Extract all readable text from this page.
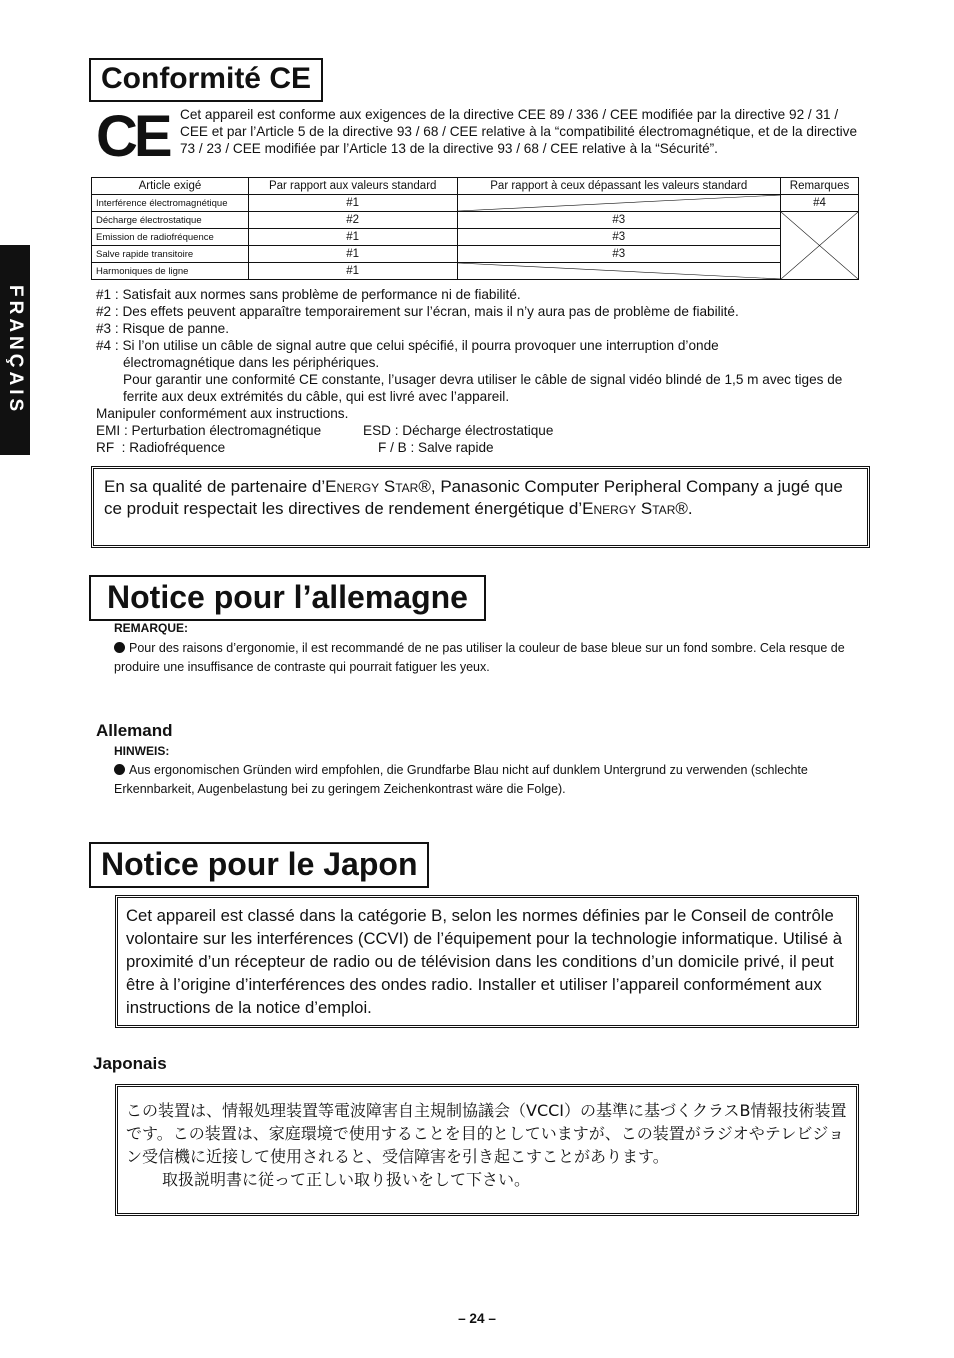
FRANÇAIS
Conformité CE
CE Cet appareil est conforme aux exigences de la directive CEE 89 / 336 / CEE modifiée par la directive 92 / 31 / CEE et par l’Article 5 de la directive 93 / 68 / CEE relative à la “compatibilité électromagnétique, et de la directive 73 / 23 / CEE modifiée par l’Article 13 de la directive 93 / 68 / CEE relative à la “Sécurité”.
Article exigé	Par rapport aux valeurs standard	Par rapport à ceux dépassant les valeurs standard	Remarques
Interférence électromagnétique	#1		#4
Décharge électrostatique	#2	#3	

Emission de radiofréquence	#1	#3	
Salve rapide transitoire	#1	#3	
Harmoniques de ligne	#1	
#1 : Satisfait aux normes sans problème de performance ni de fiabilité.
#2 : Des effets peuvent apparaître temporairement sur l’écran, mais il n’y aura pas de problème de fiabilité.
#3 : Risque de panne.
#4 : Si l’on utilise un câble de signal autre que celui spécifié, il pourra provoquer une interruption d’onde
électromagnétique dans les périphériques.
Pour garantir une conformité CE constante, l’usager devra utiliser le câble de signal vidéo blindé de 1,5 m avec tiges de ferrite aux deux extrémités du câble, qui est livré avec l’appareil.
Manipuler conformément aux instructions.
EMI : Perturbation électromagnétique	ESD : Décharge électrostatique
RF  : Radiofréquence	F / B : Salve rapide
En sa qualité de partenaire d’Energy Star®, Panasonic Computer Peripheral Company a jugé que ce produit respectait les directives de rendement énergétique d’Energy Star®.
Notice pour l’allemagne
REMARQUE:
Pour des raisons d’ergonomie, il est recommandé de ne pas utiliser la couleur de base bleue sur un fond sombre. Cela resque de produire une insuffisance de contraste qui pourrait fatiguer les yeux.
Allemand
HINWEIS:
Aus ergonomischen Gründen wird empfohlen, die Grundfarbe Blau nicht auf dunklem Untergrund zu verwenden (schlechte Erkennbarkeit, Augenbelastung bei zu geringem Zeichenkontrast wäre die Folge).
Notice pour le Japon
Cet appareil est classé dans la catégorie B, selon les normes définies par le Conseil de contrôle volontaire sur les interférences (CCVI) de l’équipement pour la technologie informatique. Utilisé à proximité d’un récepteur de radio ou de télévision dans les conditions d’un domicile privé, il peut être à l’origine d’interférences des ondes radio. Installer et utiliser l’appareil conformément aux instructions de la notice d’emploi.
Japonais
この装置は、情報処理装置等電波障害自主規制協議会（VCCI）の基準に基づくクラスB情報技術装置です。この装置は、家庭環境で使用することを目的としていますが、この装置がラジオやテレビジョン受信機に近接して使用されると、受信障害を引き起こすことがあります。
取扱説明書に従って正しい取り扱いをして下さい。
– 24 –
